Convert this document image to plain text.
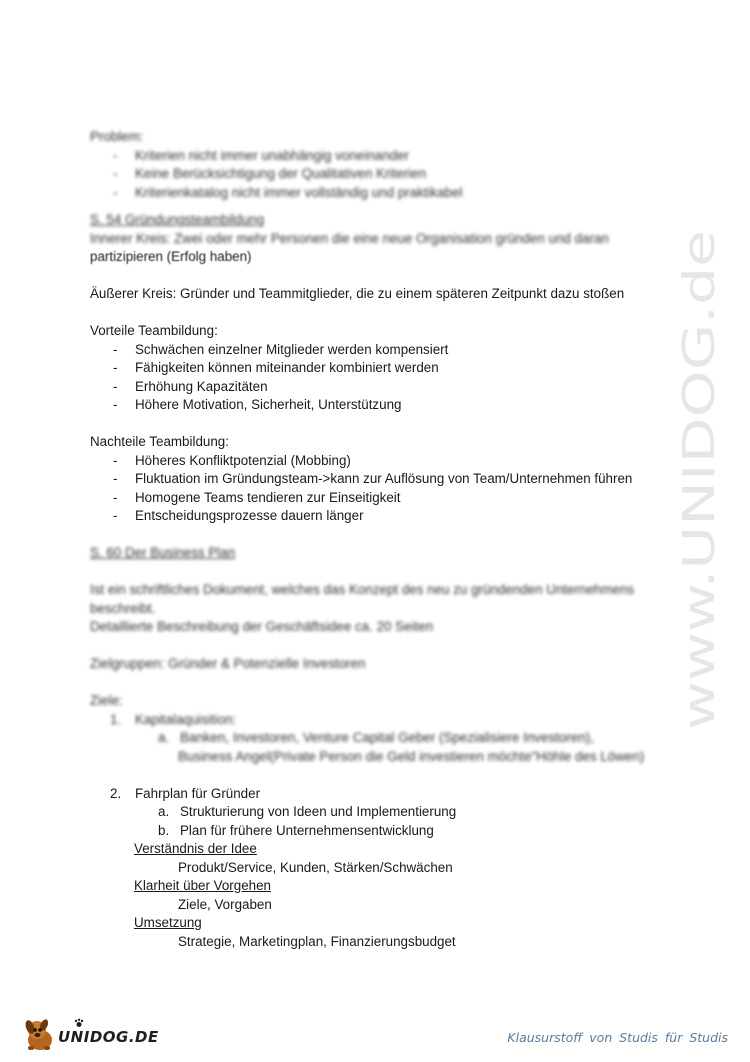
Problem:
- Kriterien nicht immer unabhängig voneinander
- Keine Berücksichtigung der Qualitativen Kriterien
- Kriterienkatalog nicht immer vollständig und praktikabel
S. 54 Gründungsteambildung
Innerer Kreis: Zwei oder mehr Personen die eine neue Organisation gründen und daran
partizipieren (Erfolg haben)
Äußerer Kreis: Gründer und Teammitglieder, die zu einem späteren Zeitpunkt dazu stoßen
Vorteile Teambildung:
- Schwächen einzelner Mitglieder werden kompensiert
- Fähigkeiten können miteinander kombiniert werden
- Erhöhung Kapazitäten
- Höhere Motivation, Sicherheit, Unterstützung
Nachteile Teambildung:
- Höheres Konfliktpotenzial (Mobbing)
- Fluktuation im Gründungsteam->kann zur Auflösung von Team/Unternehmen führen
- Homogene Teams tendieren zur Einseitigkeit
- Entscheidungsprozesse dauern länger
S. 60 Der Business Plan
Ist ein schriftliches Dokument, welches das Konzept des neu zu gründenden Unternehmens
beschreibt.
Detaillierte Beschreibung der Geschäftsidee ca. 20 Seiten
Zielgruppen: Gründer & Potenzielle Investoren
Ziele:
1. Kapitalaquisition:
a. Banken, Investoren, Venture Capital Geber (Spezialisiere Investoren),
Business Angel(Private Person die Geld investieren möchte"Höhle des Löwen)
2. Fahrplan für Gründer
a. Strukturierung von Ideen und Implementierung
b. Plan für frühere Unternehmensentwicklung
Verständnis der Idee
Produkt/Service, Kunden, Stärken/Schwächen
Klarheit über Vorgehen
Ziele, Vorgaben
Umsetzung
Strategie, Marketingplan, Finanzierungsbudget
www.UNIDOG.de
UNIDOG.DE	Klausurstoff von Studis für Studis
